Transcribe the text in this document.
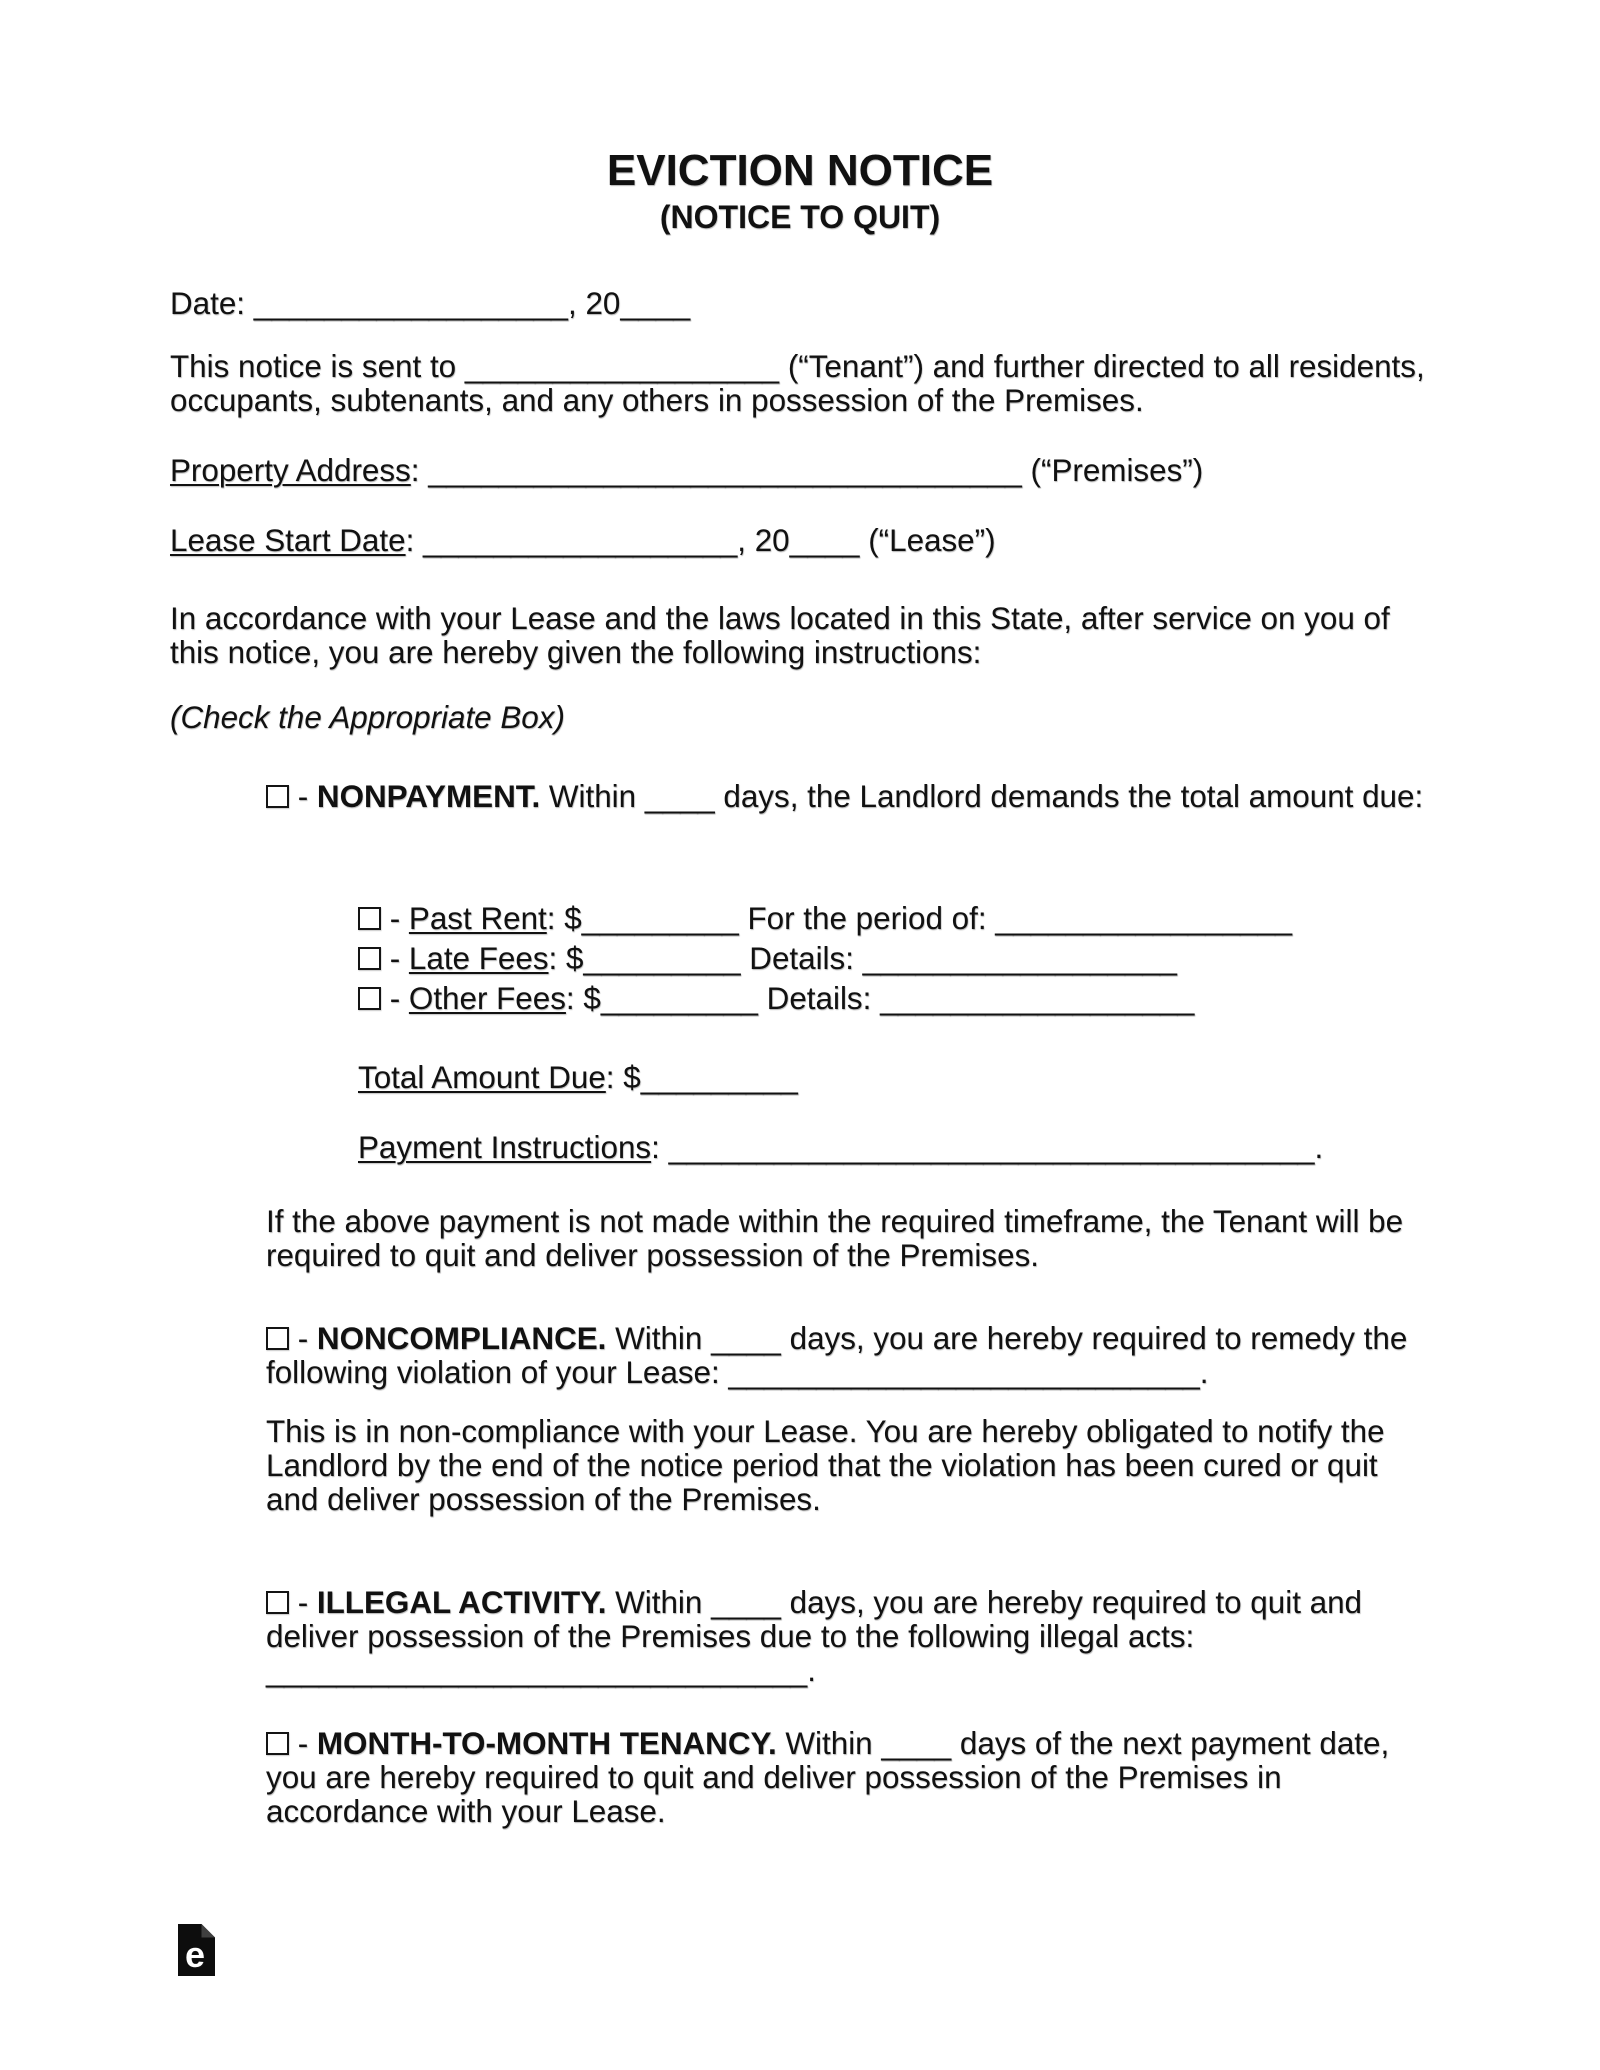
EVICTION NOTICE
(NOTICE TO QUIT)
Date: __________________, 20____
This notice is sent to __________________ (“Tenant”) and further directed to all residents, occupants, subtenants, and any others in possession of the Premises.
Property Address: __________________________________ (“Premises”)
Lease Start Date: __________________, 20____ (“Lease”)
In accordance with your Lease and the laws located in this State, after service on you of this notice, you are hereby given the following instructions:
(Check the Appropriate Box)
- NONPAYMENT. Within ____ days, the Landlord demands the total amount due:
- Past Rent: $_________ For the period of: _________________
- Late Fees: $_________ Details: __________________
- Other Fees: $_________ Details: __________________
Total Amount Due: $_________
Payment Instructions: _____________________________________.
If the above payment is not made within the required timeframe, the Tenant will be required to quit and deliver possession of the Premises.
- NONCOMPLIANCE. Within ____ days, you are hereby required to remedy the following violation of your Lease: ___________________________.
This is in non-compliance with your Lease. You are hereby obligated to notify the Landlord by the end of the notice period that the violation has been cured or quit and deliver possession of the Premises.
- ILLEGAL ACTIVITY. Within ____ days, you are hereby required to quit and deliver possession of the Premises due to the following illegal acts: _______________________________.
- MONTH-TO-MONTH TENANCY. Within ____ days of the next payment date, you are hereby required to quit and deliver possession of the Premises in accordance with your Lease.
e
